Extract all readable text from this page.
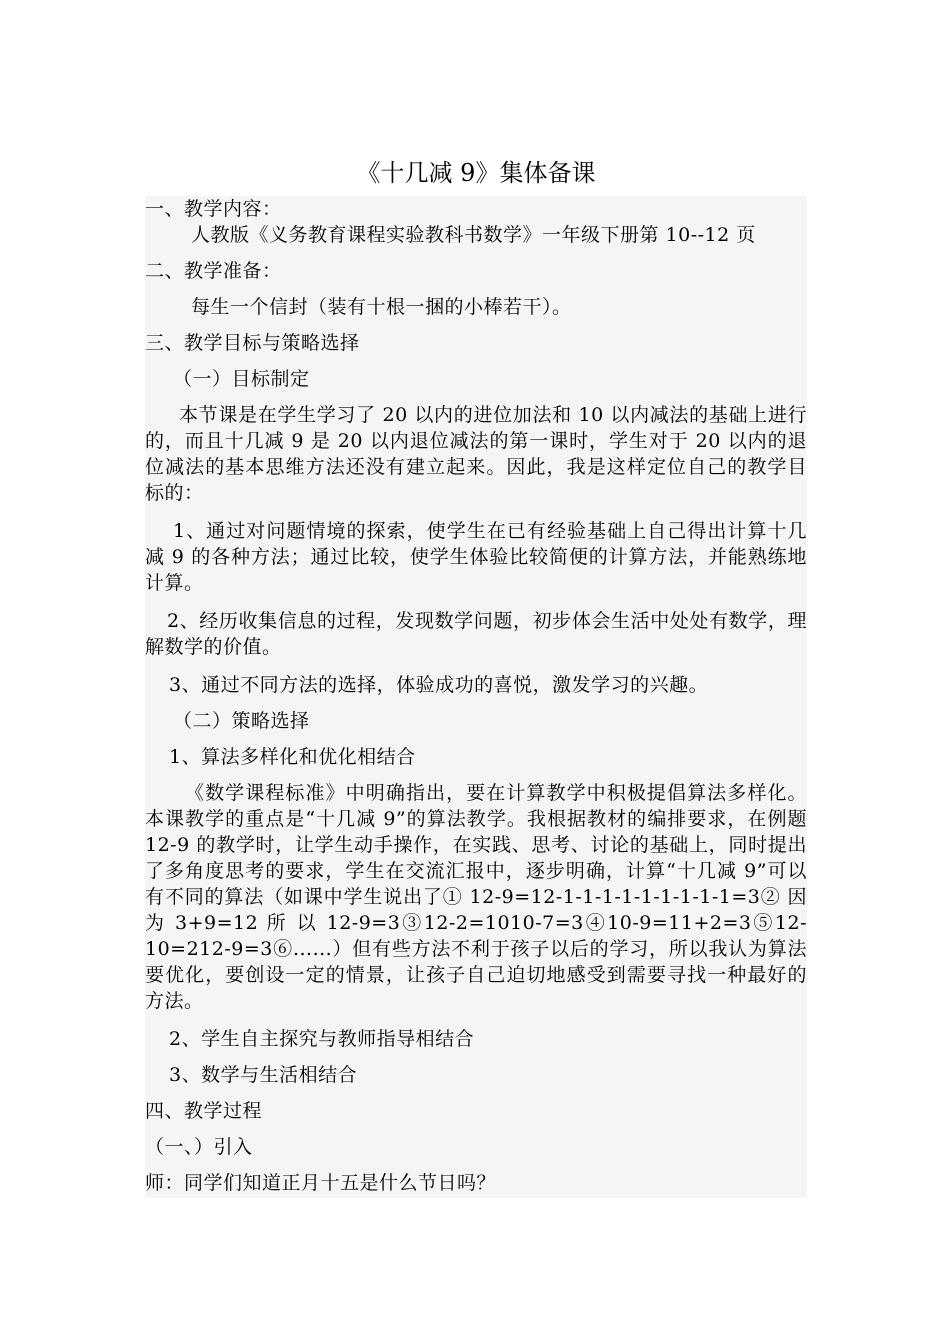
《十几减 9》集体备课

一、教学内容：

人教版《义务教育课程实验教科书数学》一年级下册第 10--12 页

二、教学准备：

每生一个信封（装有十根一捆的小棒若干）。

三、教学目标与策略选择

（一）目标制定

本节课是在学生学习了 20 以内的进位加法和 10 以内减法的基础上进行的，而且十几减 9 是 20 以内退位减法的第一课时，学生对于 20 以内的退位减法的基本思维方法还没有建立起来。因此，我是这样定位自己的教学目标的：

1、通过对问题情境的探索，使学生在已有经验基础上自己得出计算十几减 9 的各种方法；通过比较，使学生体验比较简便的计算方法，并能熟练地计算。

2、经历收集信息的过程，发现数学问题，初步体会生活中处处有数学，理解数学的价值。

3、通过不同方法的选择，体验成功的喜悦，激发学习的兴趣。

（二）策略选择

1、算法多样化和优化相结合

《数学课程标准》中明确指出，要在计算教学中积极提倡算法多样化。本课教学的重点是“十几减 9”的算法教学。我根据教材的编排要求，在例题 12-9 的教学时，让学生动手操作，在实践、思考、讨论的基础上，同时提出了多角度思考的要求，学生在交流汇报中，逐步明确，计算“十几减 9”可以有不同的算法（如课中学生说出了① 12-9=12-1-1-1-1-1-1-1-1-1=3② 因 为 3+9=12 所 以 12-9=3③12-2=1010-7=3④10-9=11+2=3⑤12-10=212-9=3⑥......）但有些方法不利于孩子以后的学习，所以我认为算法要优化，要创设一定的情景，让孩子自己迫切地感受到需要寻找一种最好的方法。

2、学生自主探究与教师指导相结合

3、数学与生活相结合

四、教学过程

（一、）引入

师：同学们知道正月十五是什么节日吗？
